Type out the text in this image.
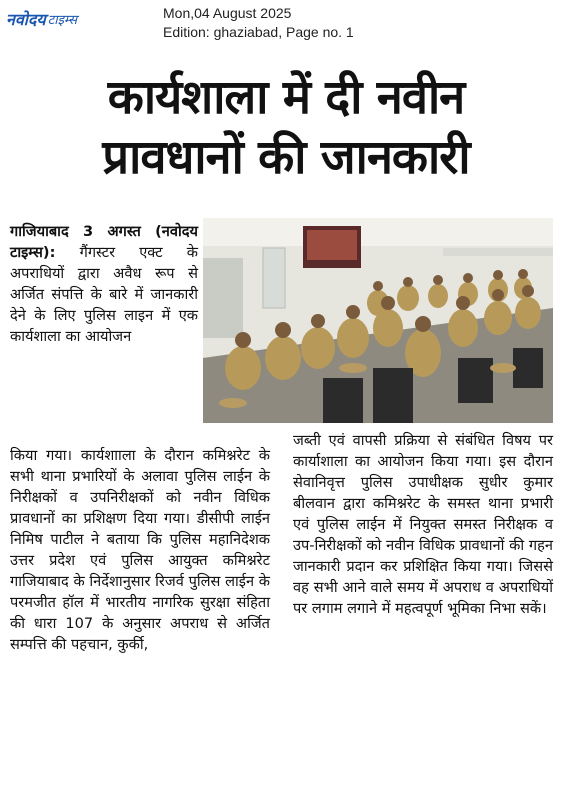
नवोदय टाइम्स	Mon,04 August 2025
Edition: ghaziabad, Page no. 1
कार्यशाला में दी नवीन
प्रावधानों की जानकारी

गाजियाबाद 3 अगस्त (नवोदय टाइम्स): गैंगस्टर एक्ट के अपराधियों द्वारा अवैध रूप से अर्जित संपत्ति के बारे में जानकारी देने के लिए पुलिस लाइन में एक कार्यशाला का आयोजन

किया गया। कार्यशााला के दौरान कमिश्नरेट के सभी थाना प्रभारियों के अलावा पुलिस लाईन के निरीक्षकों व उपनिरीक्षकों को नवीन विधिक प्रावधानों का प्रशिक्षण दिया गया। डीसीपी लाईन निमिष पाटील ने बताया कि पुलिस महानिदेशक उत्तर प्रदेश एवं पुलिस आयुक्त कमिश्नरेट गाजियाबाद के निर्देशानुसार रिजर्व पुलिस लाईन के परमजीत हॉल में भारतीय नागरिक सुरक्षा संहिता की धारा 107 के अनुसार अपराध से अर्जित सम्पत्ति की पहचान, कुर्की,

जब्ती एवं वापसी प्रक्रिया से संबंधित विषय पर कार्याशाला का आयोजन किया गया। इस दौरान सेवानिवृत्त पुलिस उपाधीक्षक सुधीर कुमार बीलवान द्वारा कमिश्नरेट के समस्त थाना प्रभारी एवं पुलिस लाईन में नियुक्त समस्त निरीक्षक व उप-निरीक्षकों को नवीन विधिक प्रावधानों की गहन जानकारी प्रदान कर प्रशिक्षित किया गया। जिससे वह सभी आने वाले समय में अपराध व अपराधियों पर लगाम लगाने में महत्वपूर्ण भूमिका निभा सकें।
